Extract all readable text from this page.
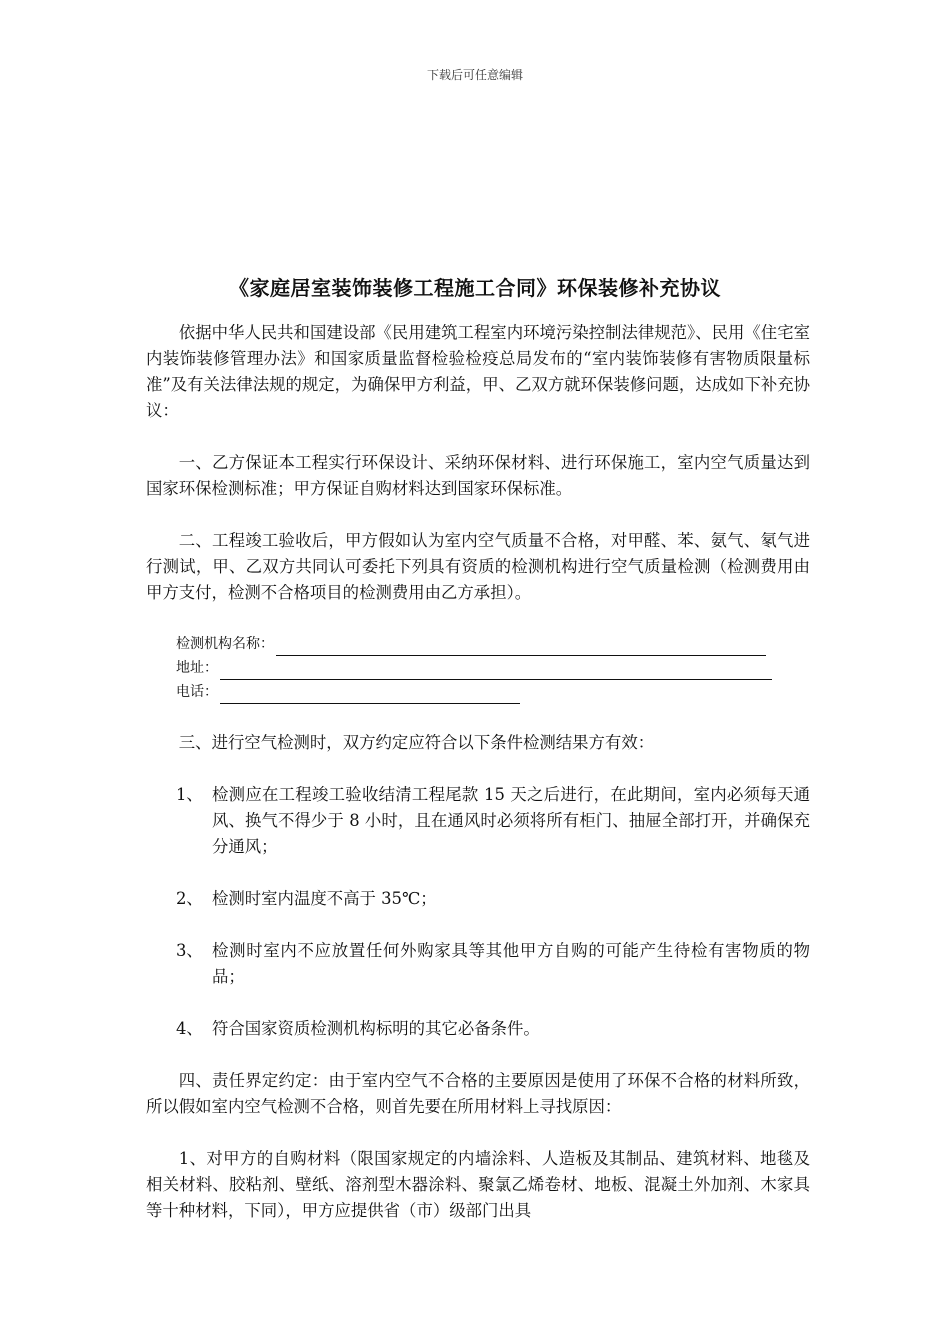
下载后可任意编辑
《家庭居室装饰装修工程施工合同》环保装修补充协议

依据中华人民共和国建设部《民用建筑工程室内环境污染控制法律规范》、民用《住宅室内装饰装修管理办法》和国家质量监督检验检疫总局发布的“室内装饰装修有害物质限量标准”及有关法律法规的规定，为确保甲方利益，甲、乙双方就环保装修问题，达成如下补充协议：

一、乙方保证本工程实行环保设计、采纳环保材料、进行环保施工，室内空气质量达到国家环保检测标准；甲方保证自购材料达到国家环保标准。

二、工程竣工验收后，甲方假如认为室内空气质量不合格，对甲醛、苯、氨气、氡气进行测试，甲、乙双方共同认可委托下列具有资质的检测机构进行空气质量检测（检测费用由甲方支付，检测不合格项目的检测费用由乙方承担）。

检测机构名称：
地址：
电话：

三、进行空气检测时，双方约定应符合以下条件检测结果方有效：

1、 检测应在工程竣工验收结清工程尾款 15 天之后进行，在此期间，室内必须每天通风、换气不得少于 8 小时，且在通风时必须将所有柜门、抽屉全部打开，并确保充分通风；
2、 检测时室内温度不高于 35℃；
3、 检测时室内不应放置任何外购家具等其他甲方自购的可能产生待检有害物质的物品；
4、 符合国家资质检测机构标明的其它必备条件。

四、责任界定约定：由于室内空气不合格的主要原因是使用了环保不合格的材料所致，所以假如室内空气检测不合格，则首先要在所用材料上寻找原因：

1、对甲方的自购材料（限国家规定的内墙涂料、人造板及其制品、建筑材料、地毯及相关材料、胶粘剂、壁纸、溶剂型木器涂料、聚氯乙烯卷材、地板、混凝土外加剂、木家具等十种材料，下同），甲方应提供省（市）级部门出具
